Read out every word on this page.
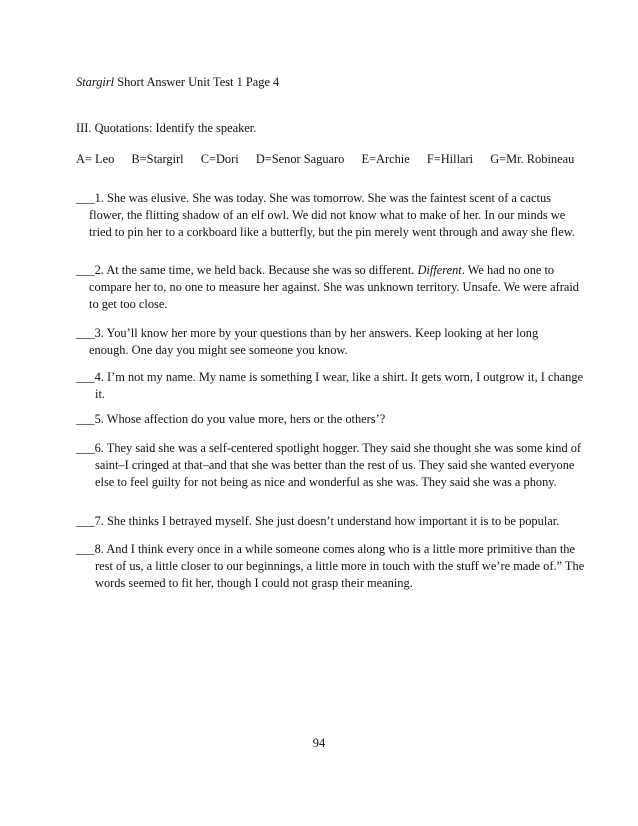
Stargirl Short Answer Unit Test 1 Page 4
III. Quotations: Identify the speaker.
A= Leo B=Stargirl C=Dori D=Senor Saguaro E=Archie F=Hillari G=Mr. Robineau
___1. She was elusive. She was today. She was tomorrow. She was the faintest scent of a cactus flower, the flitting shadow of an elf owl. We did not know what to make of her. In our minds we tried to pin her to a corkboard like a butterfly, but the pin merely went through and away she flew.
___2. At the same time, we held back. Because she was so different. Different. We had no one to compare her to, no one to measure her against. She was unknown territory. Unsafe. We were afraid to get too close.
___3. You’ll know her more by your questions than by her answers. Keep looking at her long enough. One day you might see someone you know.
___4. I’m not my name. My name is something I wear, like a shirt. It gets worn, I outgrow it, I change it.
___5. Whose affection do you value more, hers or the others’?
___6. They said she was a self-centered spotlight hogger. They said she thought she was some kind of saint–I cringed at that–and that she was better than the rest of us. They said she wanted everyone else to feel guilty for not being as nice and wonderful as she was. They said she was a phony.
___7. She thinks I betrayed myself. She just doesn’t understand how important it is to be popular.
___8. And I think every once in a while someone comes along who is a little more primitive than the rest of us, a little closer to our beginnings, a little more in touch with the stuff we’re made of.” The words seemed to fit her, though I could not grasp their meaning.
94
